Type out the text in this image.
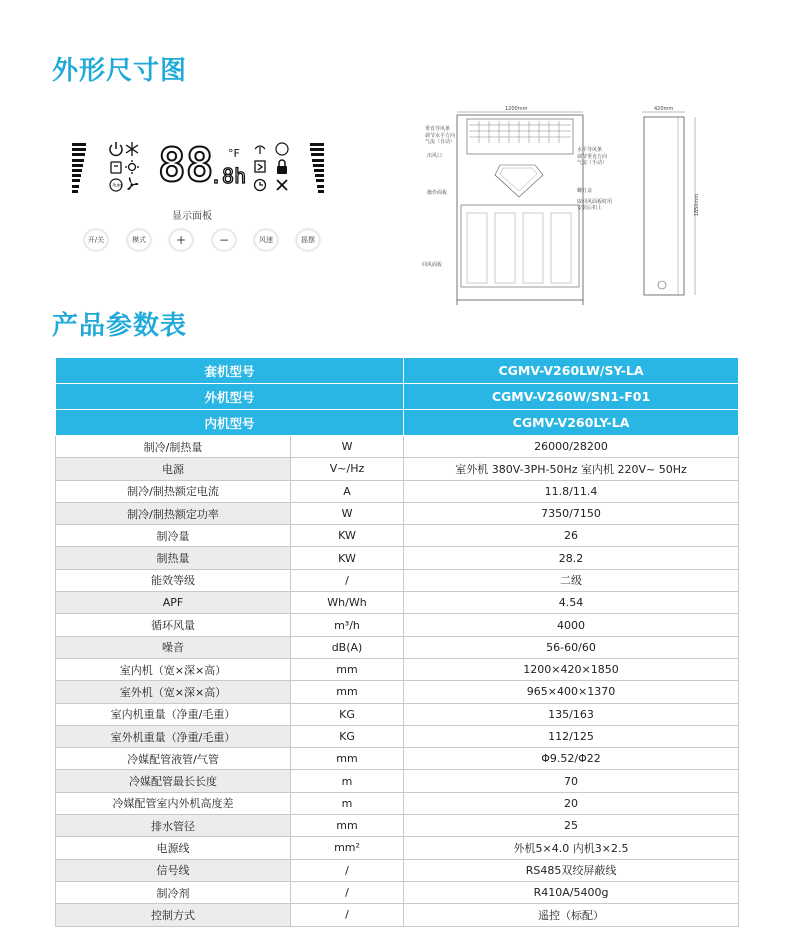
外形尺寸图
产品参数表
Auto 88
.8h
°F
显示面板
开/关	模式	+	−	风速	摇摆
1200mm	420mm
1850mm
垂直导风条
调节水平方向
气流（自动）
出风口
操作面板
回风面板
水平导风条
调节垂直方向
气流（手动）
螺钉盖
取回风面板时用
安装后扣上
套机型号		CGMV-V260LW/SY-LA
外机型号		CGMV-V260W/SN1-F01
内机型号		CGMV-V260LY-LA
制冷/制热量	W	26000/28200
电源	V~/Hz	室外机 380V-3PH-50Hz 室内机 220V~ 50Hz
制冷/制热额定电流	A	11.8/11.4
制冷/制热额定功率	W	7350/7150
制冷量	KW	26
制热量	KW	28.2
能效等级	/	二级
APF	Wh/Wh	4.54
循环风量	m³/h	4000
噪音	dB(A)	56-60/60
室内机（宽×深×高）	mm	1200×420×1850
室外机（宽×深×高）	mm	965×400×1370
室内机重量（净重/毛重）	KG	135/163
室外机重量（净重/毛重）	KG	112/125
冷媒配管液管/气管	mm	Φ9.52/Φ22
冷媒配管最长长度	m	70
冷媒配管室内外机高度差	m	20
排水管径	mm	25
电源线	mm²	外机5×4.0 内机3×2.5
信号线	/	RS485双绞屏蔽线
制冷剂	/	R410A/5400g
控制方式	/	遥控（标配）
